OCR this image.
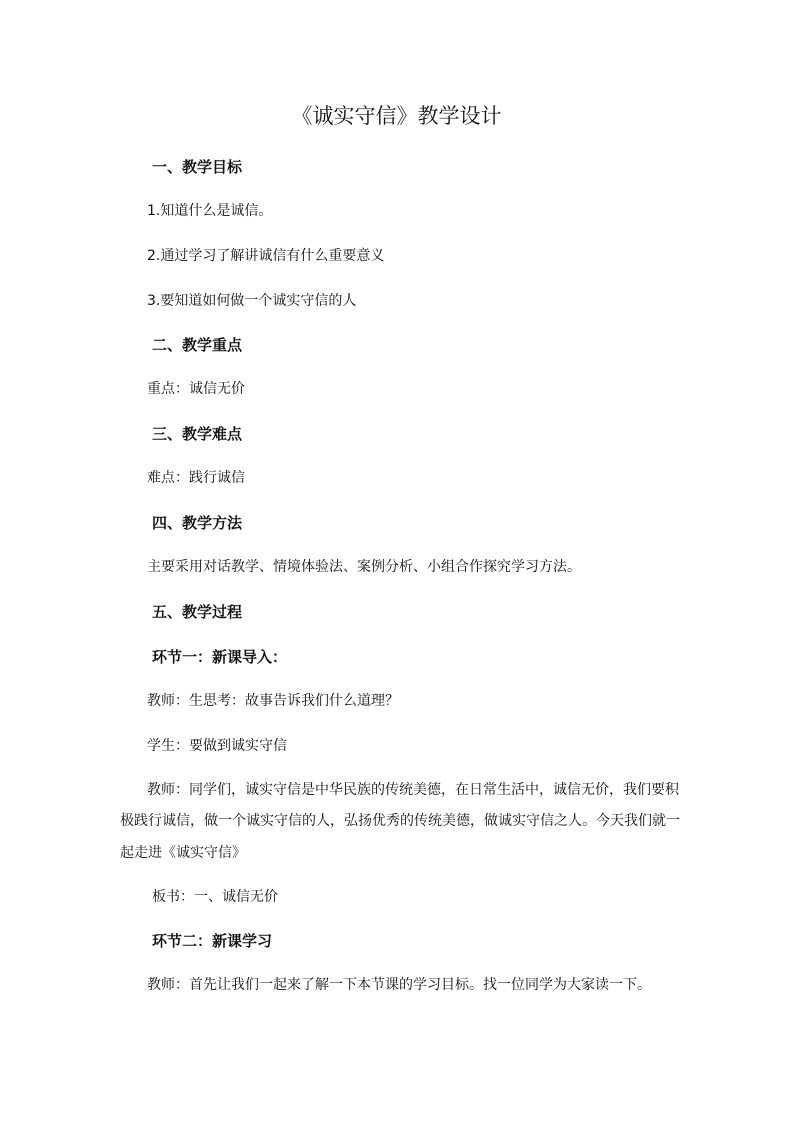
《诚实守信》教学设计
一、教学目标
1.知道什么是诚信。
2.通过学习了解讲诚信有什么重要意义
3.要知道如何做一个诚实守信的人
二、教学重点
重点：诚信无价
三、教学难点
难点：践行诚信
四、教学方法
主要采用对话教学、情境体验法、案例分析、小组合作探究学习方法。
五、教学过程
环节一：新课导入：
教师：生思考：故事告诉我们什么道理？
学生：要做到诚实守信
教师：同学们，诚实守信是中华民族的传统美德，在日常生活中，诚信无价，我们要积
极践行诚信，做一个诚实守信的人，弘扬优秀的传统美德，做诚实守信之人。今天我们就一
起走进《诚实守信》
板书：一、诚信无价
环节二：新课学习
教师：首先让我们一起来了解一下本节课的学习目标。找一位同学为大家读一下。
